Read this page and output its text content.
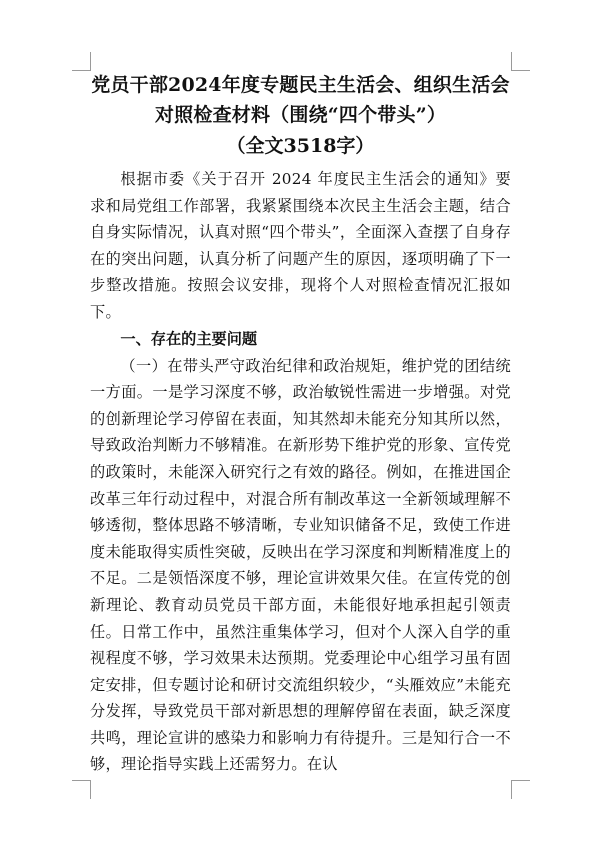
党员干部2024年度专题民主生活会、组织生活会

对照检查材料（围绕“四个带头”）

（全文3518字）

根据市委《关于召开 2024 年度民主生活会的通知》要求和局党组工作部署，我紧紧围绕本次民主生活会主题，结合自身实际情况，认真对照“四个带头”，全面深入查摆了自身存在的突出问题，认真分析了问题产生的原因，逐项明确了下一步整改措施。按照会议安排，现将个人对照检查情况汇报如下。

一、存在的主要问题

（一）在带头严守政治纪律和政治规矩，维护党的团结统一方面。一是学习深度不够，政治敏锐性需进一步增强。对党的创新理论学习停留在表面，知其然却未能充分知其所以然，导致政治判断力不够精准。在新形势下维护党的形象、宣传党的政策时，未能深入研究行之有效的路径。例如，在推进国企改革三年行动过程中，对混合所有制改革这一全新领域理解不够透彻，整体思路不够清晰，专业知识储备不足，致使工作进度未能取得实质性突破，反映出在学习深度和判断精准度上的不足。二是领悟深度不够，理论宣讲效果欠佳。在宣传党的创新理论、教育动员党员干部方面，未能很好地承担起引领责任。日常工作中，虽然注重集体学习，但对个人深入自学的重视程度不够，学习效果未达预期。党委理论中心组学习虽有固定安排，但专题讨论和研讨交流组织较少，“头雁效应”未能充分发挥，导致党员干部对新思想的理解停留在表面，缺乏深度共鸣，理论宣讲的感染力和影响力有待提升。三是知行合一不够，理论指导实践上还需努力。在认
